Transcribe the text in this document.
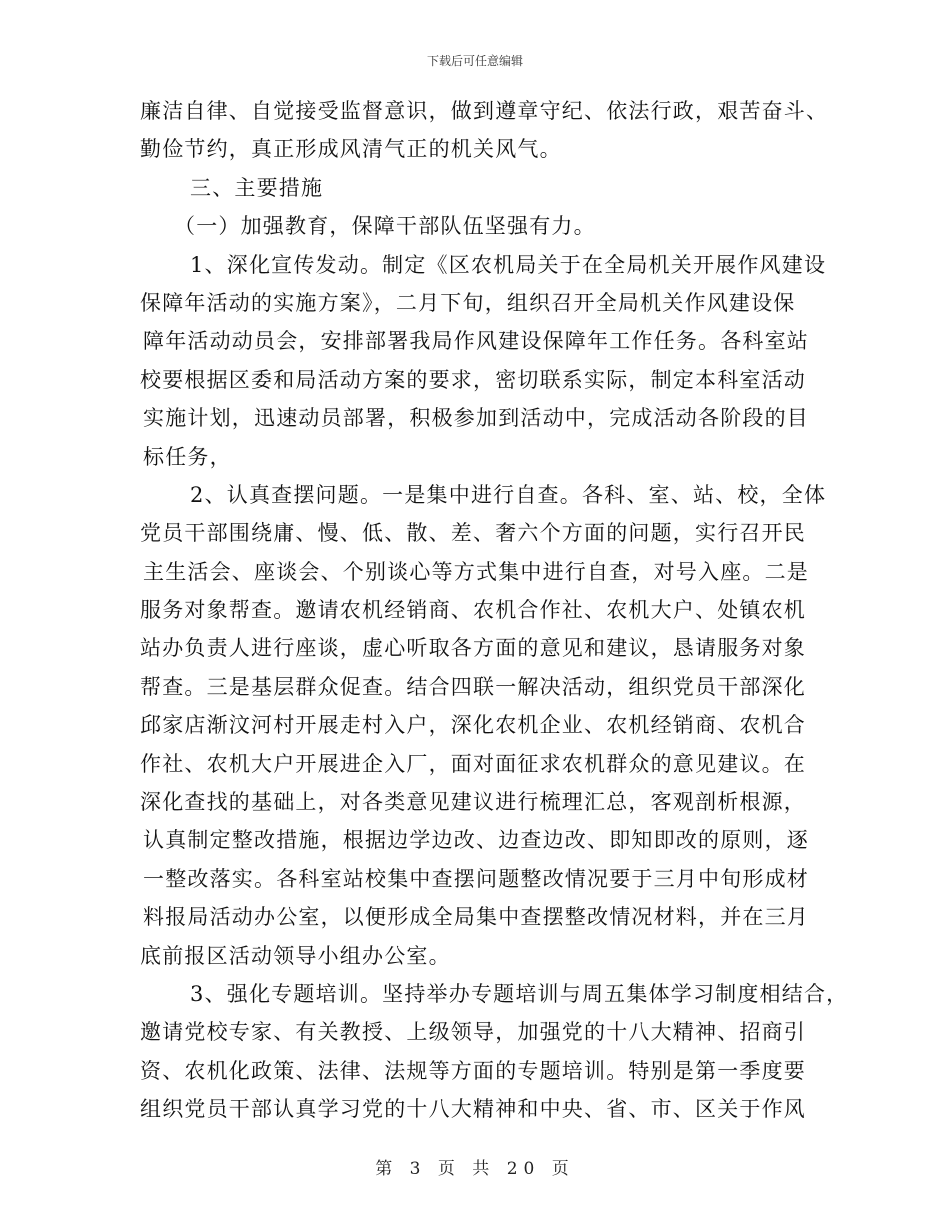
下载后可任意编辑
廉洁自律、自觉接受监督意识，做到遵章守纪、依法行政，艰苦奋斗、
勤俭节约，真正形成风清气正的机关风气。
三、主要措施
（一）加强教育，保障干部队伍坚强有力。
1、深化宣传发动。制定《区农机局关于在全局机关开展作风建设
保障年活动的实施方案》，二月下旬，组织召开全局机关作风建设保
障年活动动员会，安排部署我局作风建设保障年工作任务。各科室站
校要根据区委和局活动方案的要求，密切联系实际，制定本科室活动
实施计划，迅速动员部署，积极参加到活动中，完成活动各阶段的目
标任务，
2、认真查摆问题。一是集中进行自查。各科、室、站、校，全体
党员干部围绕庸、慢、低、散、差、奢六个方面的问题，实行召开民
主生活会、座谈会、个别谈心等方式集中进行自查，对号入座。二是
服务对象帮查。邀请农机经销商、农机合作社、农机大户、处镇农机
站办负责人进行座谈，虚心听取各方面的意见和建议，恳请服务对象
帮查。三是基层群众促查。结合四联一解决活动，组织党员干部深化
邱家店渐汶河村开展走村入户，深化农机企业、农机经销商、农机合
作社、农机大户开展进企入厂，面对面征求农机群众的意见建议。在
深化查找的基础上，对各类意见建议进行梳理汇总，客观剖析根源，
认真制定整改措施，根据边学边改、边查边改、即知即改的原则，逐
一整改落实。各科室站校集中查摆问题整改情况要于三月中旬形成材
料报局活动办公室，以便形成全局集中查摆整改情况材料，并在三月
底前报区活动领导小组办公室。
3、强化专题培训。坚持举办专题培训与周五集体学习制度相结合，
邀请党校专家、有关教授、上级领导，加强党的十八大精神、招商引
资、农机化政策、法律、法规等方面的专题培训。特别是第一季度要
组织党员干部认真学习党的十八大精神和中央、省、市、区关于作风
第 3 页 共 20 页
